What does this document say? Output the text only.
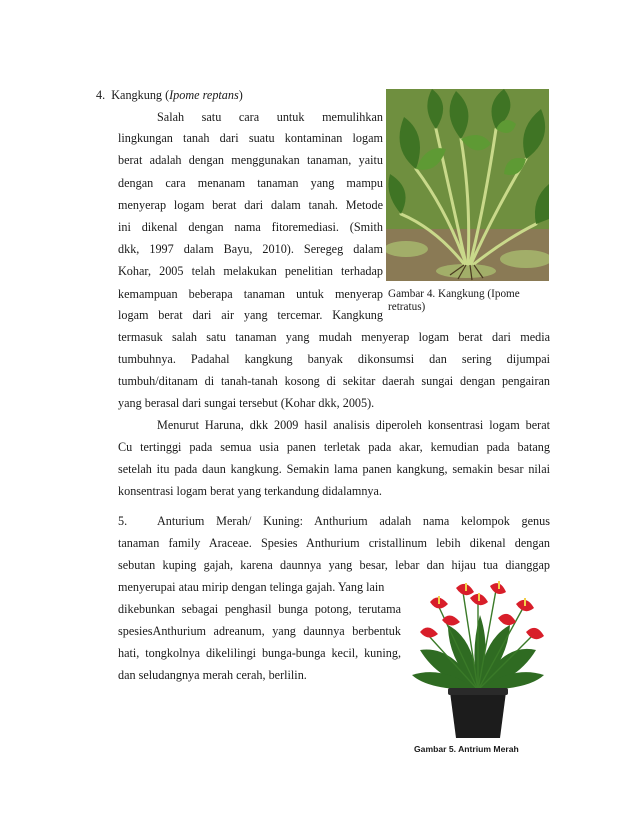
4. Kangkung (Ipome reptans)
Salah satu cara untuk memulihkan
lingkungan tanah dari suatu kontaminan logam
berat adalah dengan menggunakan tanaman, yaitu
dengan cara menanam tanaman yang mampu
menyerap logam berat dari dalam tanah. Metode
ini dikenal dengan nama fitoremediasi. (Smith
dkk, 1997 dalam Bayu, 2010). Seregeg dalam
Kohar, 2005 telah melakukan penelitian terhadap
kemampuan beberapa tanaman untuk menyerap
logam berat dari air yang tercemar. Kangkung
termasuk salah satu tanaman yang mudah menyerap logam berat dari media
tumbuhnya. Padahal kangkung banyak dikonsumsi dan sering dijumpai
tumbuh/ditanam di tanah-tanah kosong di sekitar daerah sungai dengan pengairan
yang berasal dari sungai tersebut (Kohar dkk, 2005).
Menurut Haruna, dkk 2009 hasil analisis diperoleh konsentrasi logam berat
Cu tertinggi pada semua usia panen terletak pada akar, kemudian pada batang
setelah itu pada daun kangkung. Semakin lama panen kangkung, semakin besar nilai
konsentrasi logam berat yang terkandung didalamnya.
Gambar 4. Kangkung (Ipome retratus)
5. Anturium Merah/ Kuning: Anthurium adalah nama kelompok genus
tanaman family Araceae. Spesies Anthurium cristallinum lebih dikenal dengan
sebutan kuping gajah, karena daunnya yang besar, lebar dan hijau tua dianggap
menyerupai atau mirip dengan telinga gajah. Yang lain
dikebunkan sebagai penghasil bunga potong, terutama
spesiesAnthurium adreanum, yang daunnya berbentuk
hati, tongkolnya dikelilingi bunga-bunga kecil, kuning,
dan seludangnya merah cerah, berlilin.
Gambar 5. Antrium Merah
